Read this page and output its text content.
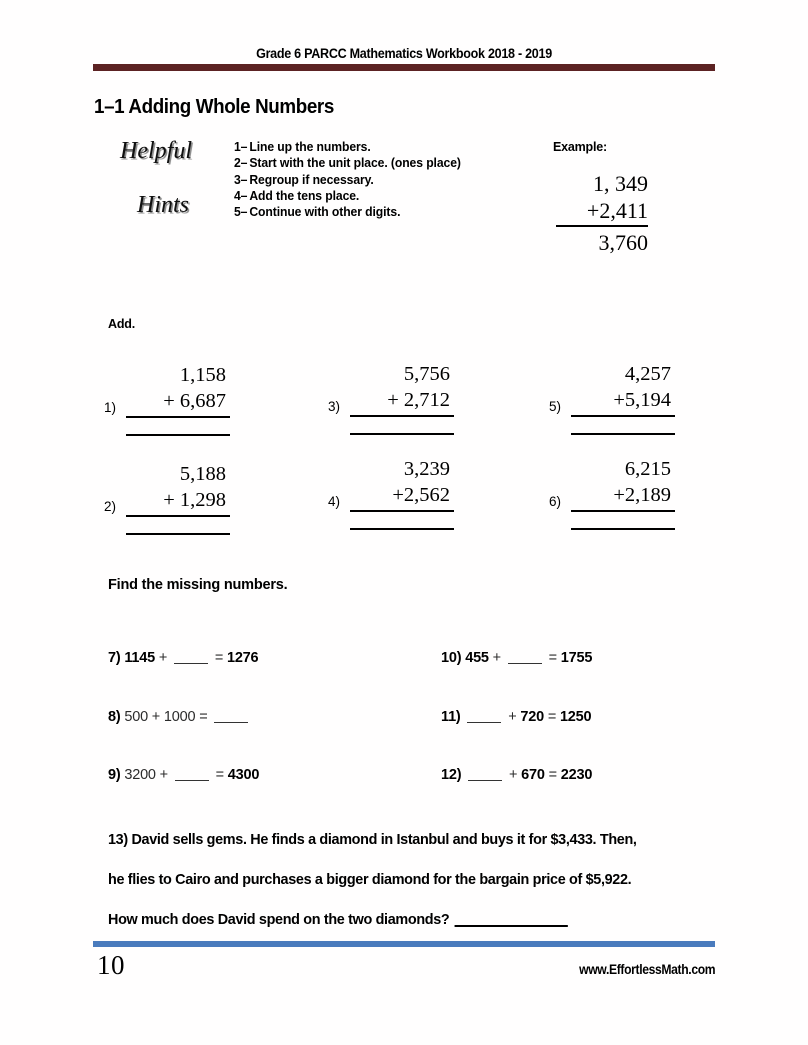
Grade 6 PARCC Mathematics Workbook 2018 - 2019
1–1 Adding Whole Numbers
Helpful
Hints
1– Line up the numbers.
2– Start with the unit place. (ones place)
3– Regroup if necessary.
4– Add the tens place.
5– Continue with other digits.
Example:
1, 349
+2,411
3,760
Add.
1)
1,158
+ 6,687
2)
5,188
+ 1,298
3)
5,756
+ 2,712
4)
3,239
+2,562
5)
4,257
+5,194
6)
6,215
+2,189
Find the missing numbers.
7) 1145 +	= 1276
8) 500 + 1000 =
9) 3200 +	= 4300
10) 455 +	= 1755
11)	+ 720 = 1250
12)	+ 670 = 2230
13) David sells gems. He finds a diamond in Istanbul and buys it for $3,433. Then,
he flies to Cairo and purchases a bigger diamond for the bargain price of $5,922.
How much does David spend on the two diamonds?
10	www.EffortlessMath.com
